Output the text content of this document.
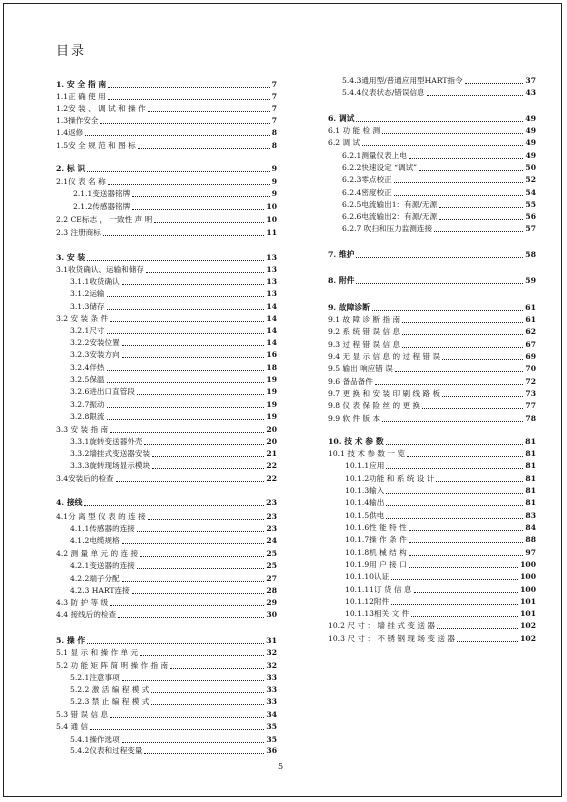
目录
1. 安 全 指 南	7
1.1正 确 使 用	7
1.2安 装 、 调 试 和 操 作	7
1.3操作安全	7
1.4返修	8
1.5安 全 规 范 和 图 标	8
2. 标 识	9
2.1仪 表 名 称	9
2.1.1变送器铭牌	9
2.1.2传感器铭牌	10
2.2 CE标志 ， 一致性 声 明	10
2.3 注册商标	11
3. 安 装	13
3.1收货确认、运输和储存	13
3.1.1收货确认	13
3.1.2运输	13
3.1.3储存	14
3.2 安 装 条 件	14
3.2.1尺寸	14
3.2.2安装位置	14
3.2.3安装方向	16
3.2.4伴热	18
3.2.5保温	19
3.2.6进出口直管段	19
3.2.7振动	19
3.2.8限流	19
3.3 安 装 指 南	20
3.3.1旋转变送器外壳	20
3.3.2墙挂式变送器安装	21
3.3.3旋转现场显示模块	22
3.4安装后的检查	22
4. 接线	23
4.1分 离 型 仪 表 的 连 接	23
4.1.1传感器的连接	23
4.1.2电缆规格	24
4.2 测 量 单 元 的 连 接	25
4.2.1变送器的连接	25
4.2.2端子分配	27
4.2.3 HART连接	28
4.3 防 护 等 级	29
4.4 接线后的检查	30
5. 操 作	31
5.1 显 示 和 操 作 单 元	32
5.2 功 能 矩 阵 简 明 操 作 指 南	32
5.2.1注意事项	33
5.2.2 激 活 编 程 模 式	33
5.2.3 禁 止 编 程 模 式	33
5.3 错 误 信 息	34
5.4 通 信	35
5.4.1操作选项	35
5.4.2仪表和过程变量	36
5.4.3通用型/普通应用型HART指令	37
5.4.4仪表状态/错误信息	43
6. 调试	49
6.1 功 能 检 测	49
6.2 调 试	49
6.2.1测量仪表上电	49
6.2.2快速设定 “调试”	50
6.2.3零点校正	52
6.2.4密度校正	54
6.2.5电流输出1：有源/无源	55
6.2.6电流输出2：有源/无源	56
6.2.7 吹扫和压力监测连接	57
7. 维护	58
8. 附件	59
9. 故障诊断	61
9.1 故 障 诊 断 指 南	61
9.2 系 统 错 误 信 息	62
9.3 过 程 错 误 信 息	67
9.4 无 显 示 信 息 的 过 程 错 误	69
9.5 输出 响应错 误	70
9.6 备品备件	72
9.7 更 换 和 安 装 印 刷 线 路 板	73
9.8 仪 表 保 险 丝 的 更 换	77
9.9 软 件 版 本	78
10. 技 术 参 数	81
10.1 技 术 参 数 一 览	81
10.1.1应用	81
10.1.2功能 和 系 统 设 计	81
10.1.3输入	81
10.1.4输出	81
10.1.5供电	83
10.1.6性 能 特 性	84
10.1.7操 作 条 件	88
10.1.8机 械 结 构	97
10.1.9用 户 接 口	100
10.1.10认证	100
10.1.11订 货 信 息	100
10.1.12附件	101
10.1.13相关 文 件	101
10.2 尺 寸 ： 墙 挂 式 变 送 器	102
10.3 尺 寸 ： 不 锈 钢 现 场 变 送 器	102
5
